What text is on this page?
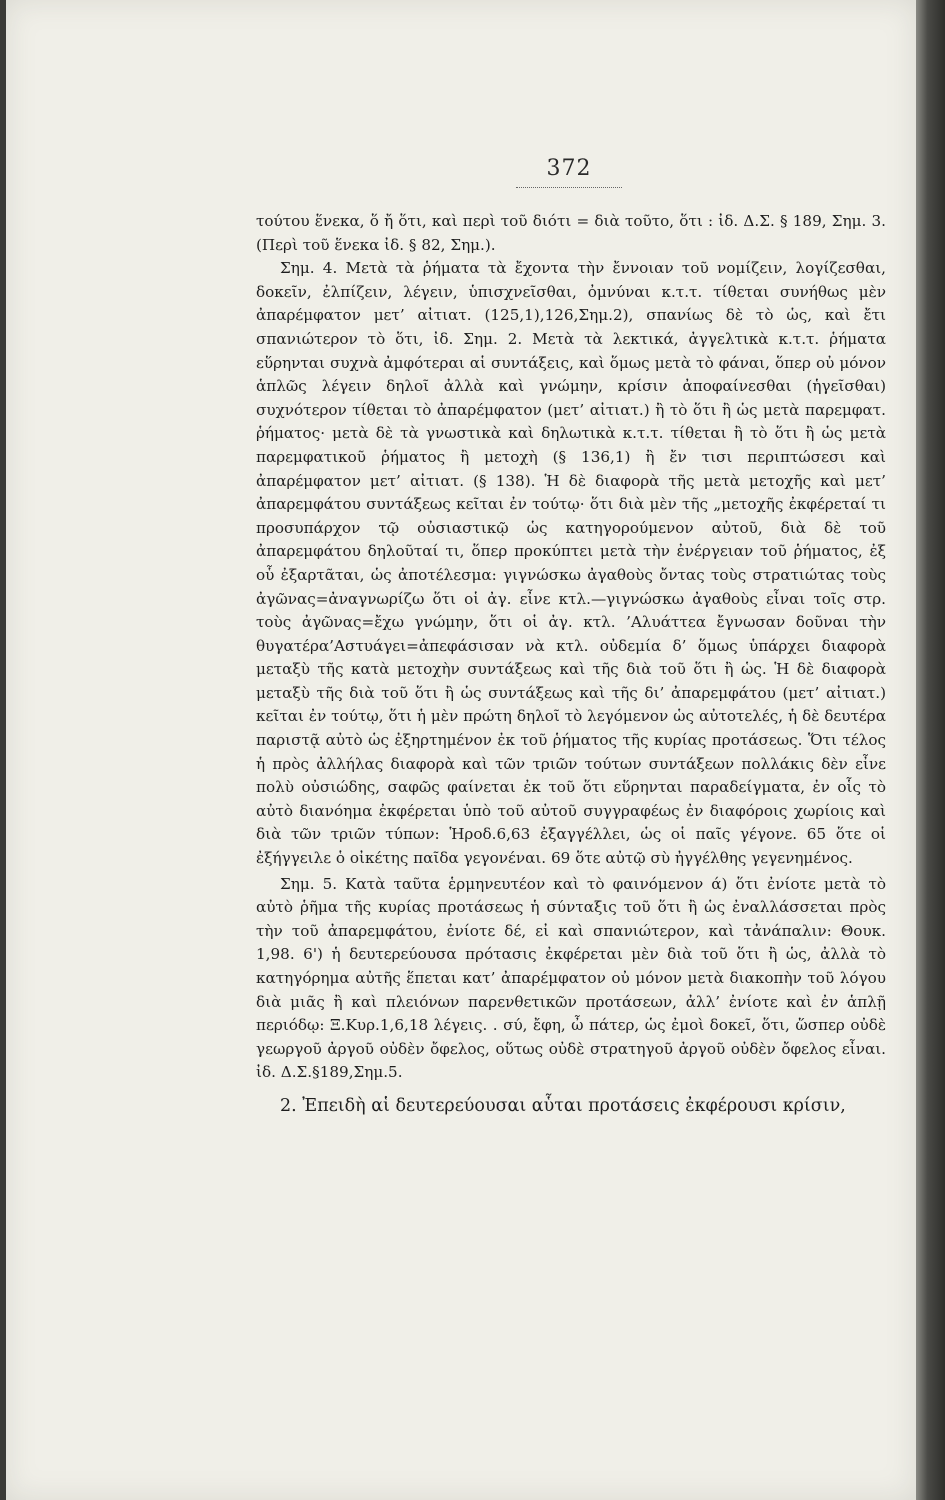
372

τούτου ἕνεκα, ὅ ἤ ὅτι, καὶ περὶ τοῦ διότι = διὰ τοῦτο, ὅτι : ἰδ. Δ.Σ. § 189, Σημ. 3. (Περὶ τοῦ ἕνεκα ἰδ. § 82, Σημ.).

Σημ. 4. Μετὰ τὰ ῥήματα τὰ ἔχοντα τὴν ἔννοιαν τοῦ νομίζειν, λογίζεσθαι, δοκεῖν, ἐλπίζειν, λέγειν, ὑπισχνεῖσθαι, ὀμνύναι κ.τ.τ. τίθεται συνήθως μὲν ἀπαρέμφατον μετ’ αἰτιατ. (125,1),126,Σημ.2), σπανίως δὲ τὸ ὡς, καὶ ἔτι σπανιώτερον τὸ ὅτι, ἰδ. Σημ. 2. Μετὰ τὰ λεκτικά, ἀγγελτικὰ κ.τ.τ. ῥήματα εὕρηνται συχνὰ ἀμφότεραι αἱ συντάξεις, καὶ ὅμως μετὰ τὸ φάναι, ὅπερ οὐ μόνον ἁπλῶς λέγειν δηλοῖ ἀλλὰ καὶ γνώμην, κρίσιν ἀποφαίνεσθαι (ἡγεῖσθαι) συχνότερον τίθεται τὸ ἀπαρέμφατον (μετ’ αἰτιατ.) ἢ τὸ ὅτι ἢ ὡς μετὰ παρεμφατ. ῥήματος· μετὰ δὲ τὰ γνωστικὰ καὶ δηλωτικὰ κ.τ.τ. τίθεται ἢ τὸ ὅτι ἢ ὡς μετὰ παρεμφατικοῦ ῥήματος ἢ μετοχὴ (§ 136,1) ἢ ἔν τισι περιπτώσεσι καὶ ἀπαρέμφατον μετ’ αἰτιατ. (§ 138). Ἡ δὲ διαφορὰ τῆς μετὰ μετοχῆς καὶ μετ’ ἀπαρεμφάτου συντάξεως κεῖται ἐν τούτῳ· ὅτι διὰ μὲν τῆς „μετοχῆς ἐκφέρεταί τι προσυπάρχον τῷ οὐσιαστικῷ ὡς κατηγορούμενον αὐτοῦ, διὰ δὲ τοῦ ἀπαρεμφάτου δηλοῦταί τι, ὅπερ προκύπτει μετὰ τὴν ἐνέργειαν τοῦ ῥήματος, ἐξ οὗ ἐξαρτᾶται, ὡς ἀποτέλεσμα: γιγνώσκω ἀγαθοὺς ὄντας τοὺς στρατιώτας τοὺς ἀγῶνας=ἀναγνωρίζω ὅτι οἱ ἀγ. εἶνε κτλ.—γιγνώσκω ἀγαθοὺς εἶναι τοῖς στρ. τοὺς ἀγῶνας=ἔχω γνώμην, ὅτι οἱ ἀγ. κτλ. ’Αλυάττεα ἔγνωσαν δοῦναι τὴν θυγατέρα’Αστυάγει=ἀπεφάσισαν νὰ κτλ. οὐδεμία δ’ ὅμως ὑπάρχει διαφορὰ μεταξὺ τῆς κατὰ μετοχὴν συντάξεως καὶ τῆς διὰ τοῦ ὅτι ἢ ὡς. Ἡ δὲ διαφορὰ μεταξὺ τῆς διὰ τοῦ ὅτι ἢ ὡς συντάξεως καὶ τῆς δι’ ἀπαρεμφάτου (μετ’ αἰτιατ.) κεῖται ἐν τούτῳ, ὅτι ἡ μὲν πρώτη δηλοῖ τὸ λεγόμενον ὡς αὐτοτελές, ἡ δὲ δευτέρα παριστᾷ αὐτὸ ὡς ἐξηρτημένον ἐκ τοῦ ῥήματος τῆς κυρίας προτάσεως. Ὅτι τέλος ἡ πρὸς ἀλλήλας διαφορὰ καὶ τῶν τριῶν τούτων συντάξεων πολλάκις δὲν εἶνε πολὺ οὐσιώδης, σαφῶς φαίνεται ἐκ τοῦ ὅτι εὕρηνται παραδείγματα, ἐν οἷς τὸ αὐτὸ διανόημα ἐκφέρεται ὑπὸ τοῦ αὐτοῦ συγγραφέως ἐν διαφόροις χωρίοις καὶ διὰ τῶν τριῶν τύπων: Ἡροδ.6,63 ἐξαγγέλλει, ὡς οἱ παῖς γέγονε. 65 ὅτε οἱ ἐξήγγειλε ὁ οἰκέτης παῖδα γεγονέναι. 69 ὅτε αὐτῷ σὺ ἠγγέλθης γεγενημένος.

Σημ. 5. Κατὰ ταῦτα ἑρμηνευτέον καὶ τὸ φαινόμενον ά) ὅτι ἐνίοτε μετὰ τὸ αὐτὸ ῥῆμα τῆς κυρίας προτάσεως ἡ σύνταξις τοῦ ὅτι ἢ ὡς ἐναλλάσσεται πρὸς τὴν τοῦ ἀπαρεμφάτου, ἐνίοτε δέ, εἰ καὶ σπανιώτερον, καὶ τἀνάπαλιν: Θουκ. 1,98. 6') ἡ δευτερεύουσα πρότασις ἐκφέρεται μὲν διὰ τοῦ ὅτι ἢ ὡς, ἀλλὰ τὸ κατηγόρημα αὐτῆς ἕπεται κατ’ ἀπαρέμφατον οὐ μόνον μετὰ διακοπὴν τοῦ λόγου διὰ μιᾶς ἢ καὶ πλειόνων παρενθετικῶν προτάσεων, ἀλλ’ ἐνίοτε καὶ ἐν ἁπλῇ περιόδῳ: Ξ.Κυρ.1,6,18 λέγεις. . σύ, ἔφη, ὦ πάτερ, ὡς ἐμοὶ δοκεῖ, ὅτι, ὥσπερ οὐδὲ γεωργοῦ ἀργοῦ οὐδὲν ὄφελος, οὕτως οὐδὲ στρατηγοῦ ἀργοῦ οὐδὲν ὄφελος εἶναι. ἰδ. Δ.Σ.§189,Σημ.5.

2. Ἐπειδὴ αἱ δευτερεύουσαι αὗται προτάσεις ἐκφέρουσι κρίσιν,
